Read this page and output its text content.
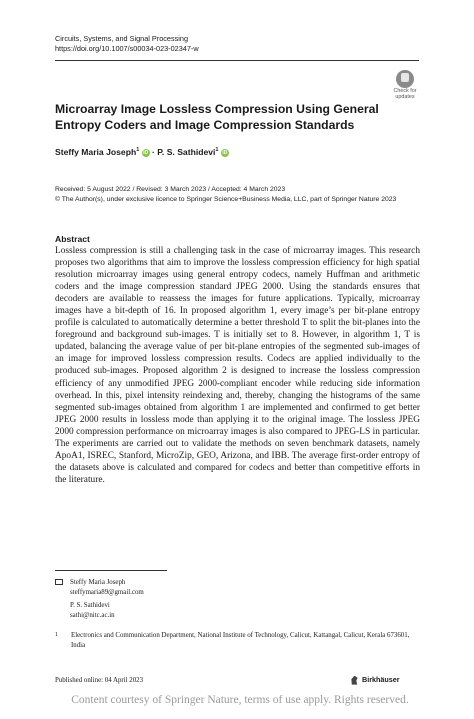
Circuits, Systems, and Signal Processing
https://doi.org/10.1007/s00034-023-02347-w
Check for updates
Microarray Image Lossless Compression Using General Entropy Coders and Image Compression Standards
Steffy Maria Joseph$^1$ iD · P. S. Sathidevi$^1$ iD
Received: 5 August 2022 / Revised: 3 March 2023 / Accepted: 4 March 2023
© The Author(s), under exclusive licence to Springer Science+Business Media, LLC, part of Springer Nature 2023
Abstract
Lossless compression is still a challenging task in the case of microarray images. This research proposes two algorithms that aim to improve the lossless compression efficiency for high spatial resolution microarray images using general entropy codecs, namely Huffman and arithmetic coders and the image compression standard JPEG 2000. Using the standards ensures that decoders are available to reassess the images for future applications. Typically, microarray images have a bit-depth of 16. In proposed algorithm 1, every image’s per bit-plane entropy profile is calculated to automatically determine a better threshold T to split the bit-planes into the foreground and background sub-images. T is initially set to 8. However, in algorithm 1, T is updated, balancing the average value of per bit-plane entropies of the segmented sub-images of an image for improved lossless compression results. Codecs are applied individually to the produced sub-images. Proposed algorithm 2 is designed to increase the lossless compression efficiency of any unmodified JPEG 2000-compliant encoder while reducing side information overhead. In this, pixel intensity reindexing and, thereby, changing the histograms of the same segmented sub-images obtained from algorithm 1 are implemented and confirmed to get better JPEG 2000 results in lossless mode than applying it to the original image. The lossless JPEG 2000 compression performance on microarray images is also compared to JPEG-LS in particular. The experiments are carried out to validate the methods on seven benchmark datasets, namely ApoA1, ISREC, Stanford, MicroZip, GEO, Arizona, and IBB. The average first-order entropy of the datasets above is calculated and compared for codecs and better than competitive efforts in the literature.
Steffy Maria Joseph
steffymaria89@gmail.com
P. S. Sathidevi
sathi@nitc.ac.in
1 Electronics and Communication Department, National Institute of Technology, Calicut, Kattangal, Calicut, Kerala 673601, India
Published online: 04 April 2023	Birkhäuser
Content courtesy of Springer Nature, terms of use apply. Rights reserved.
